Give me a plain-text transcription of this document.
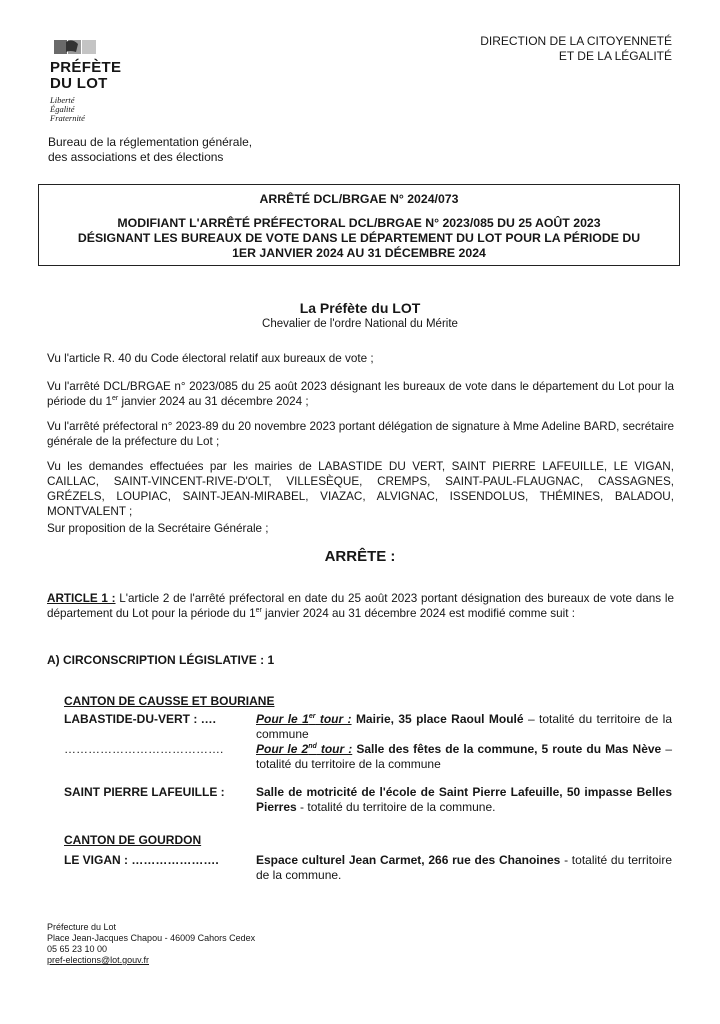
PRÉFÈTE
DU LOT
Liberté
Égalité
Fraternité
Bureau de la réglementation générale,
des associations et des élections
DIRECTION DE LA CITOYENNETÉ
ET DE LA LÉGALITÉ
ARRÊTÉ DCL/BRGAE N° 2024/073
MODIFIANT L'ARRÊTÉ PRÉFECTORAL DCL/BRGAE N° 2023/085 DU 25 AOÛT 2023
DÉSIGNANT LES BUREAUX DE VOTE DANS LE DÉPARTEMENT DU LOT POUR LA PÉRIODE DU
1ER JANVIER 2024 AU 31 DÉCEMBRE 2024
La Préfète du LOT
Chevalier de l'ordre National du Mérite
Vu l'article R. 40 du Code électoral relatif aux bureaux de vote ;
Vu l'arrêté DCL/BRGAE n° 2023/085 du 25 août 2023 désignant les bureaux de vote dans le département du Lot pour la période du 1er janvier 2024 au 31 décembre 2024 ;
Vu l'arrêté préfectoral n° 2023-89 du 20 novembre 2023 portant délégation de signature à Mme Adeline BARD, secrétaire générale de la préfecture du Lot ;
Vu les demandes effectuées par les mairies de LABASTIDE DU VERT, SAINT PIERRE LAFEUILLE, LE VIGAN, CAILLAC, SAINT-VINCENT-RIVE-D'OLT, VILLESÈQUE, CREMPS, SAINT-PAUL-FLAUGNAC, CASSAGNES, GRÉZELS, LOUPIAC, SAINT-JEAN-MIRABEL, VIAZAC, ALVIGNAC, ISSENDOLUS, THÉMINES, BALADOU, MONTVALENT ;
Sur proposition de la Secrétaire Générale ;
ARRÊTE :
ARTICLE 1 : L'article 2 de l'arrêté préfectoral en date du 25 août 2023 portant désignation des bureaux de vote dans le département du Lot pour la période du 1er janvier 2024 au 31 décembre 2024 est modifié comme suit :
A) CIRCONSCRIPTION LÉGISLATIVE : 1
CANTON DE CAUSSE ET BOURIANE
LABASTIDE-DU-VERT : ….	Pour le 1er tour : Mairie, 35 place Raoul Moulé – totalité du territoire de la commune
………………………………….	Pour le 2nd tour : Salle des fêtes de la commune, 5 route du Mas Nève – totalité du territoire de la commune
SAINT PIERRE LAFEUILLE :	Salle de motricité de l'école de Saint Pierre Lafeuille, 50 impasse Belles Pierres - totalité du territoire de la commune.
CANTON DE GOURDON
LE VIGAN : ………………….	Espace culturel Jean Carmet, 266 rue des Chanoines - totalité du territoire de la commune.
Préfecture du Lot
Place Jean-Jacques Chapou - 46009 Cahors Cedex
05 65 23 10 00
pref-elections@lot.gouv.fr
